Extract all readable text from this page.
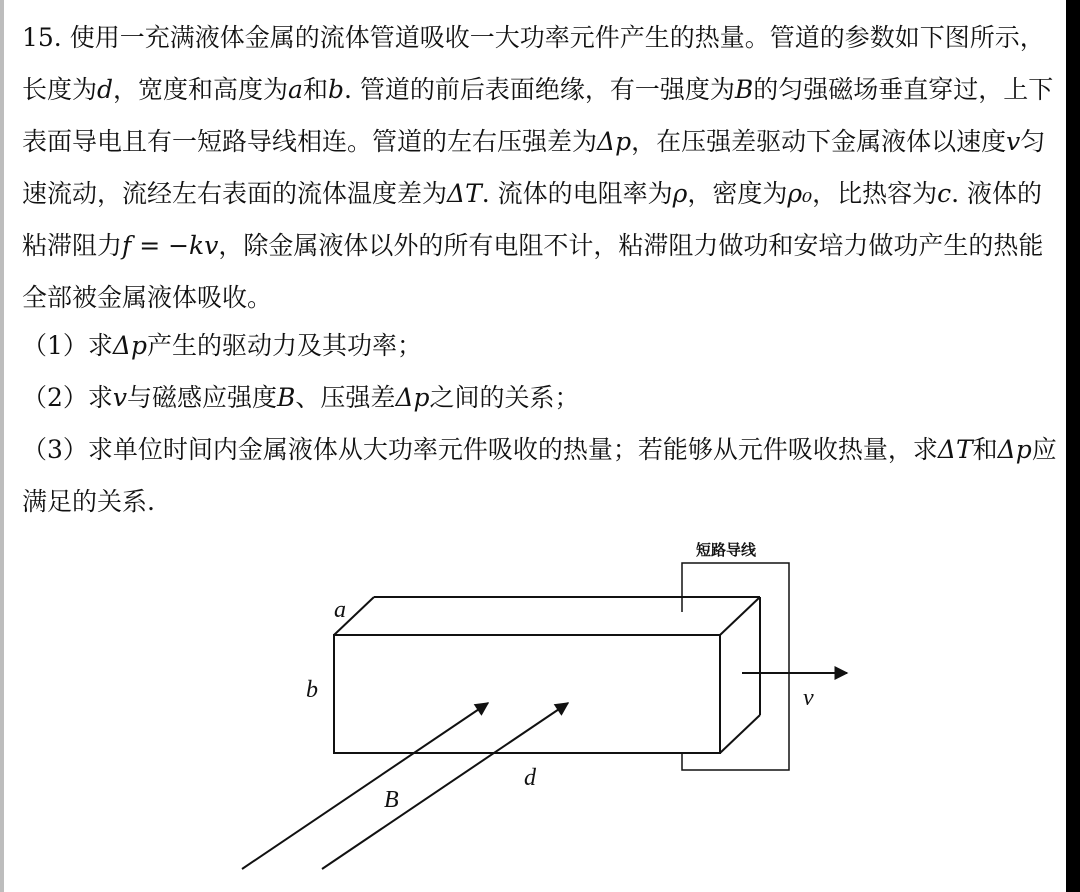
15. 使用一充满液体金属的流体管道吸收一大功率元件产生的热量。管道的参数如下图所示，长度为d，宽度和高度为a和b. 管道的前后表面绝缘，有一强度为B的匀强磁场垂直穿过，上下表面导电且有一短路导线相连。管道的左右压强差为Δp，在压强差驱动下金属液体以速度v匀速流动，流经左右表面的流体温度差为ΔT. 流体的电阻率为ρ，密度为ρ₀，比热容为c. 液体的粘滞阻力f = −kv，除金属液体以外的所有电阻不计，粘滞阻力做功和安培力做功产生的热能全部被金属液体吸收。

（1）求Δp产生的驱动力及其功率；

（2）求v与磁感应强度B、压强差Δp之间的关系；

（3）求单位时间内金属液体从大功率元件吸收的热量；若能够从元件吸收热量，求ΔT和Δp应满足的关系.

短路导线
v
B
a
b
d
